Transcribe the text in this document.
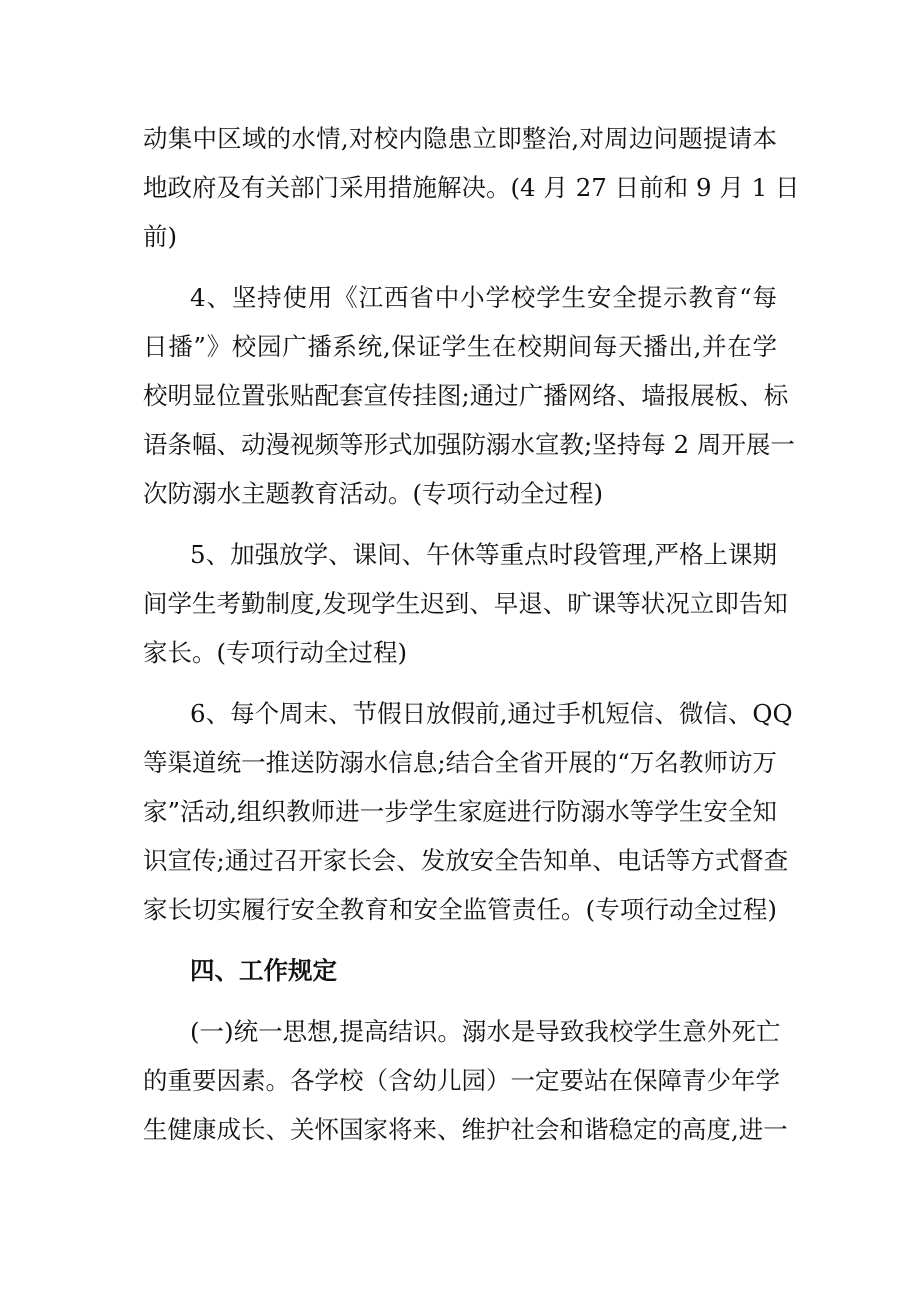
动集中区域的水情,对校内隐患立即整治,对周边问题提请本
地政府及有关部门采用措施解决。(4 月 27 日前和 9 月 1 日
前)
4、坚持使用《江西省中小学校学生安全提示教育“每
日播”》校园广播系统,保证学生在校期间每天播出,并在学
校明显位置张贴配套宣传挂图;通过广播网络、墙报展板、标
语条幅、动漫视频等形式加强防溺水宣教;坚持每 2 周开展一
次防溺水主题教育活动。(专项行动全过程)
5、加强放学、课间、午休等重点时段管理,严格上课期
间学生考勤制度,发现学生迟到、早退、旷课等状况立即告知
家长。(专项行动全过程)
6、每个周末、节假日放假前,通过手机短信、微信、QQ
等渠道统一推送防溺水信息;结合全省开展的“万名教师访万
家”活动,组织教师进一步学生家庭进行防溺水等学生安全知
识宣传;通过召开家长会、发放安全告知单、电话等方式督查
家长切实履行安全教育和安全监管责任。(专项行动全过程)
四、工作规定
(一)统一思想,提高结识。溺水是导致我校学生意外死亡
的重要因素。各学校（含幼儿园）一定要站在保障青少年学
生健康成长、关怀国家将来、维护社会和谐稳定的高度,进一
